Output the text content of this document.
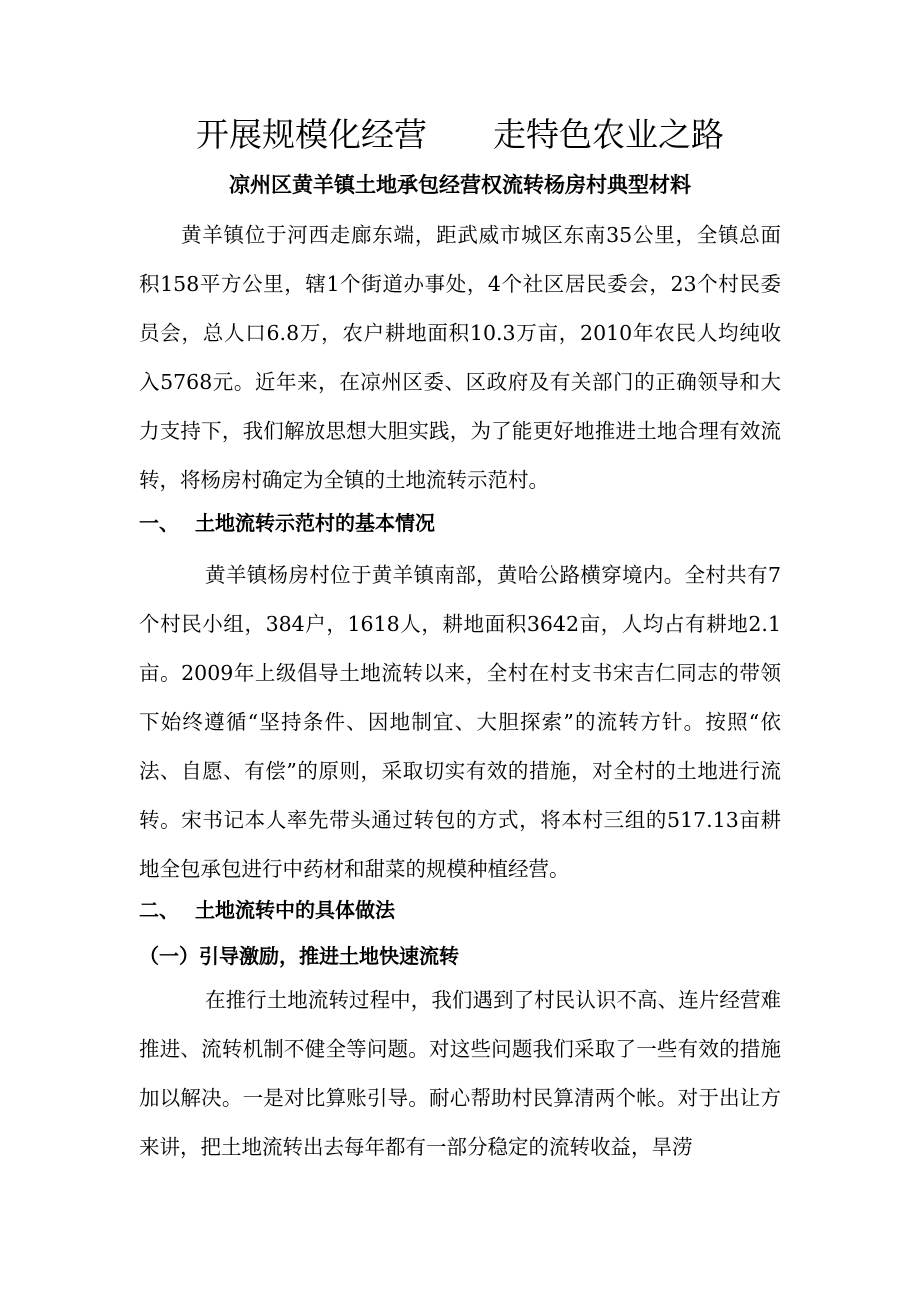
开展规模化经营 走特色农业之路
凉州区黄羊镇土地承包经营权流转杨房村典型材料

黄羊镇位于河西走廊东端，距武威市城区东南35公里，全镇总面积158平方公里，辖1个街道办事处，4个社区居民委会，23个村民委员会，总人口6.8万，农户耕地面积10.3万亩，2010年农民人均纯收入5768元。近年来，在凉州区委、区政府及有关部门的正确领导和大力支持下，我们解放思想大胆实践，为了能更好地推进土地合理有效流转，将杨房村确定为全镇的土地流转示范村。

一、 土地流转示范村的基本情况

黄羊镇杨房村位于黄羊镇南部，黄哈公路横穿境内。全村共有7个村民小组，384户，1618人，耕地面积3642亩，人均占有耕地2.1亩。2009年上级倡导土地流转以来，全村在村支书宋吉仁同志的带领下始终遵循“坚持条件、因地制宜、大胆探索”的流转方针。按照“依法、自愿、有偿”的原则，采取切实有效的措施，对全村的土地进行流转。宋书记本人率先带头通过转包的方式，将本村三组的517.13亩耕地全包承包进行中药材和甜菜的规模种植经营。

二、 土地流转中的具体做法
（一）引导激励，推进土地快速流转

在推行土地流转过程中，我们遇到了村民认识不高、连片经营难推进、流转机制不健全等问题。对这些问题我们采取了一些有效的措施加以解决。一是对比算账引导。耐心帮助村民算清两个帐。对于出让方来讲，把土地流转出去每年都有一部分稳定的流转收益，旱涝
